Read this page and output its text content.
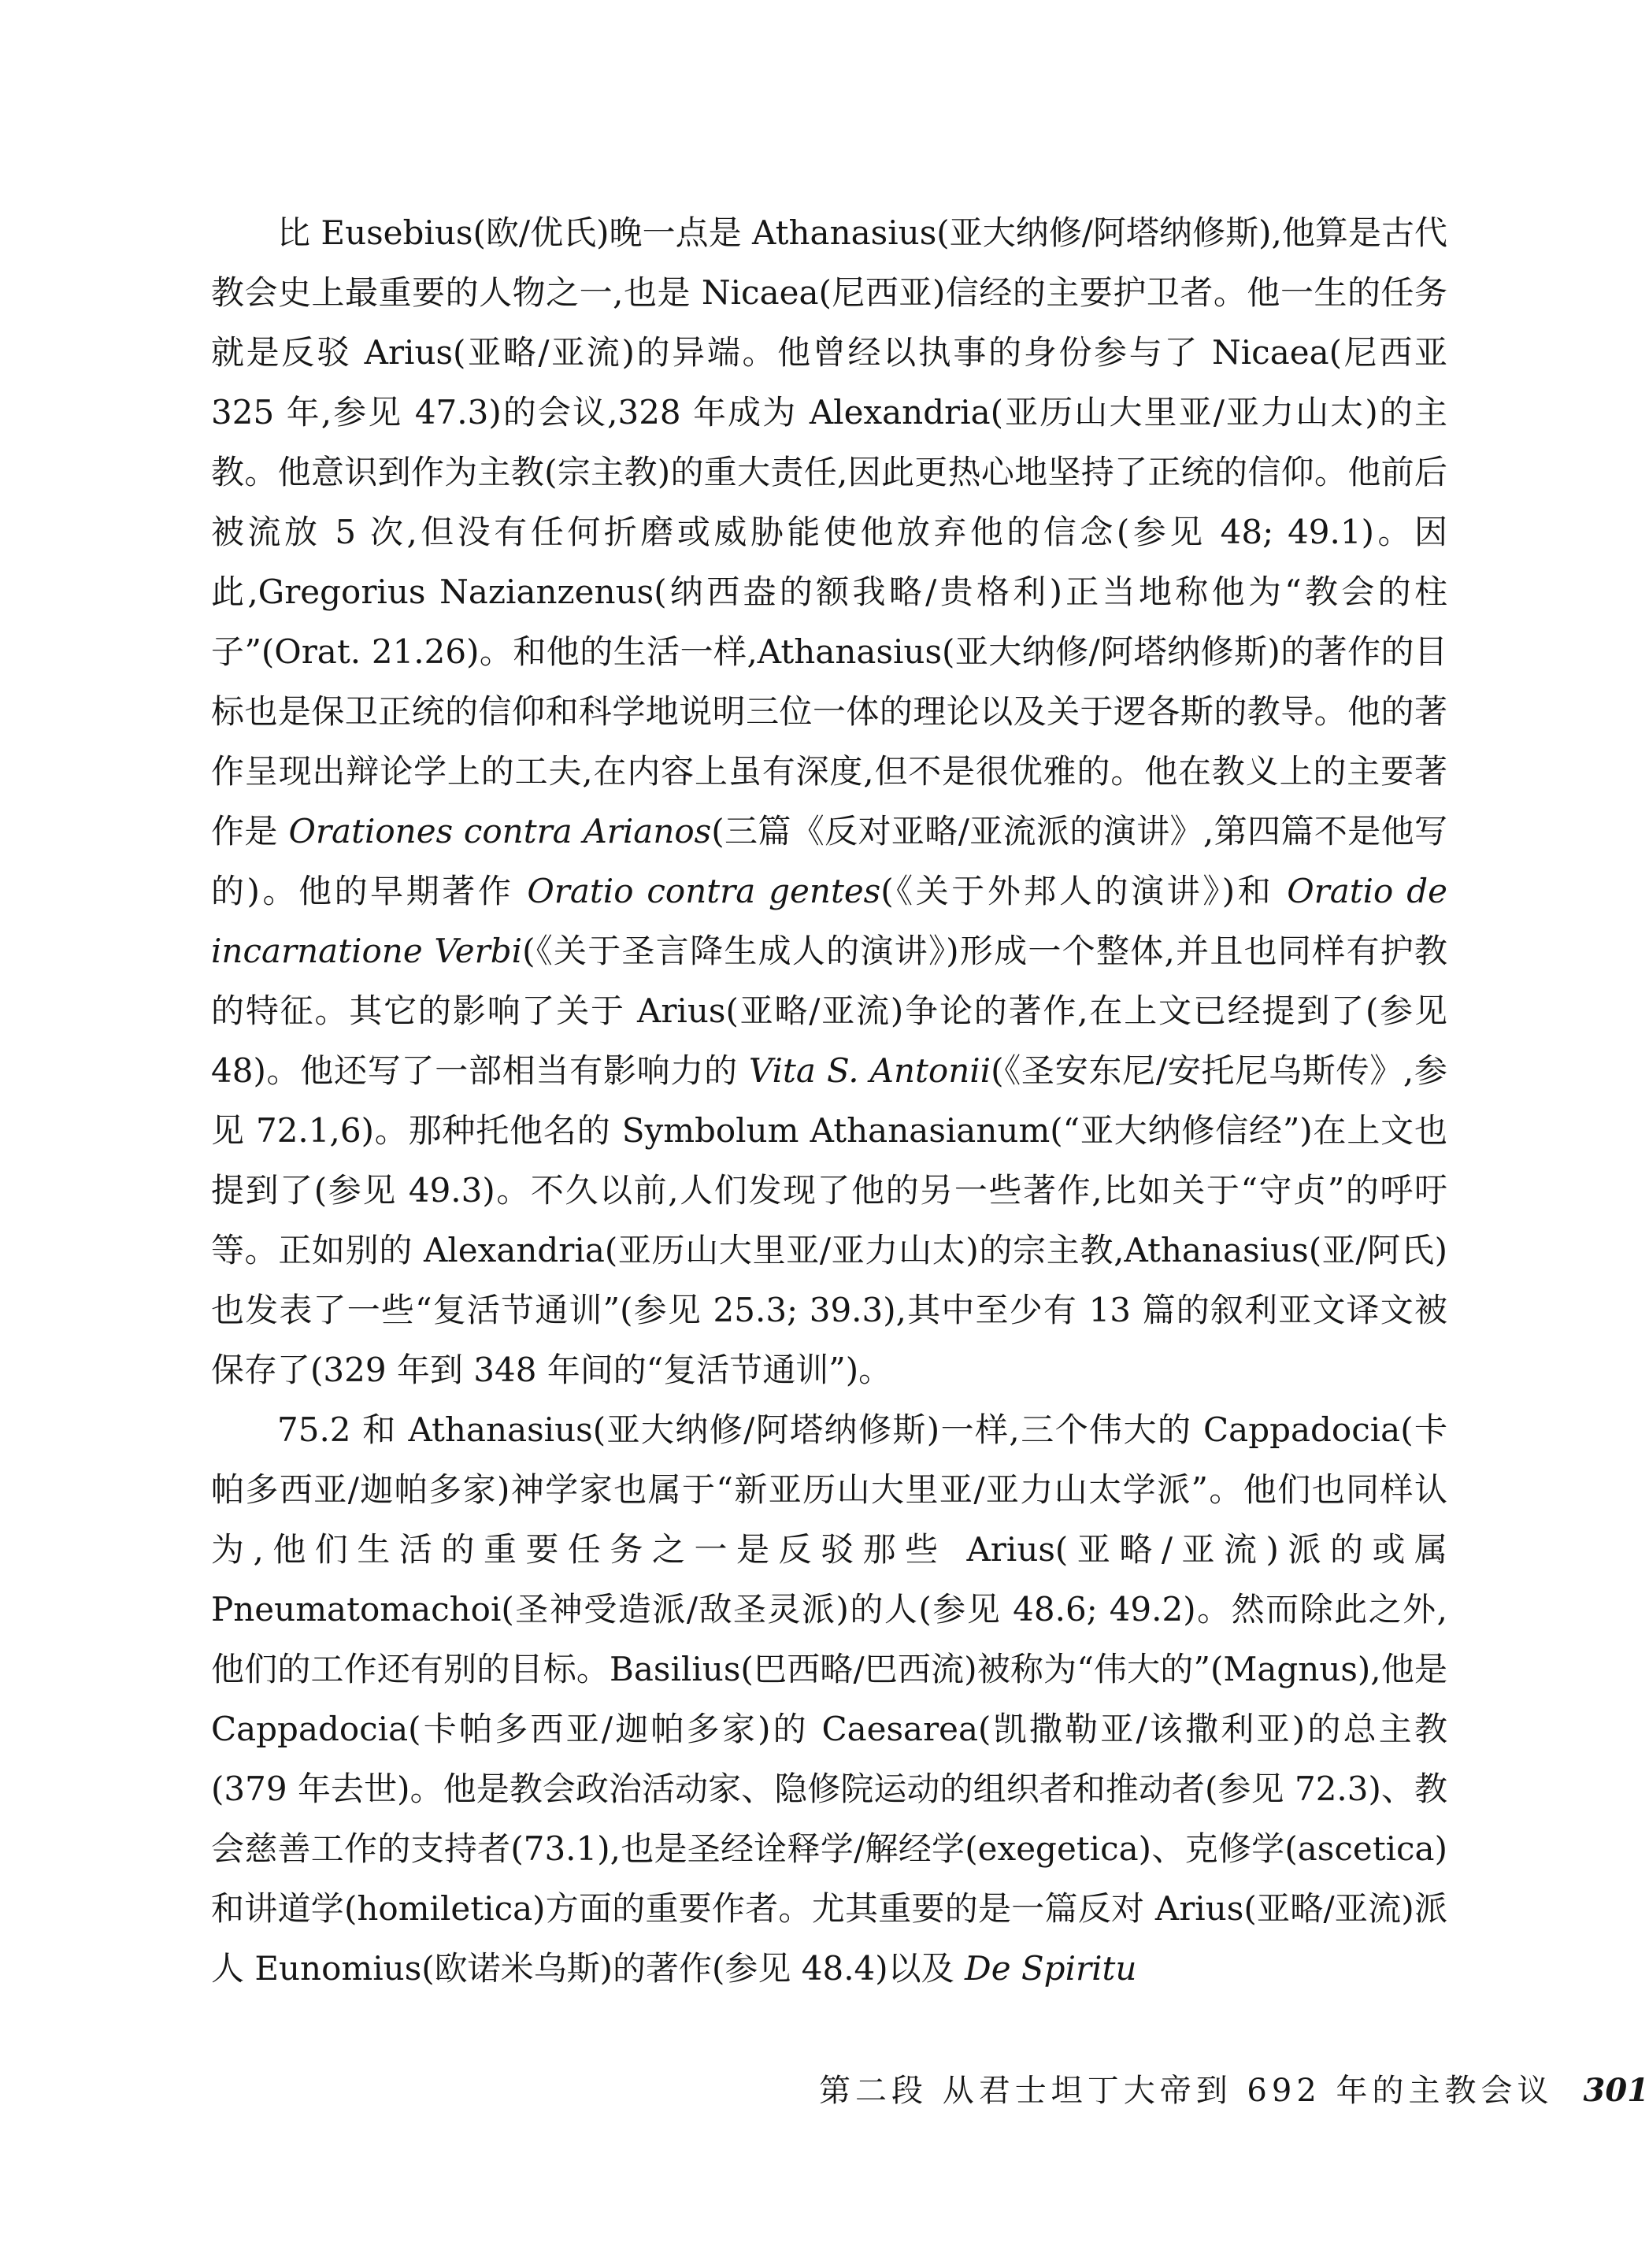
比 Eusebius(欧/优氏)晚一点是 Athanasius(亚大纳修/阿塔纳修斯),他算是古代教会史上最重要的人物之一,也是 Nicaea(尼西亚)信经的主要护卫者。他一生的任务就是反驳 Arius(亚略/亚流)的异端。他曾经以执事的身份参与了 Nicaea(尼西亚 325 年,参见 47.3)的会议,328 年成为 Alexandria(亚历山大里亚/亚力山太)的主教。他意识到作为主教(宗主教)的重大责任,因此更热心地坚持了正统的信仰。他前后被流放 5 次,但没有任何折磨或威胁能使他放弃他的信念(参见 48; 49.1)。因此,Gregorius Nazianzenus(纳西盎的额我略/贵格利)正当地称他为“教会的柱子”(Orat. 21.26)。和他的生活一样,Athanasius(亚大纳修/阿塔纳修斯)的著作的目标也是保卫正统的信仰和科学地说明三位一体的理论以及关于逻各斯的教导。他的著作呈现出辩论学上的工夫,在内容上虽有深度,但不是很优雅的。他在教义上的主要著作是 Orationes contra Arianos(三篇《反对亚略/亚流派的演讲》,第四篇不是他写的)。他的早期著作 Oratio contra gentes(《关于外邦人的演讲》)和 Oratio de incarnatione Verbi(《关于圣言降生成人的演讲》)形成一个整体,并且也同样有护教的特征。其它的影响了关于 Arius(亚略/亚流)争论的著作,在上文已经提到了(参见 48)。他还写了一部相当有影响力的 Vita S. Antonii(《圣安东尼/安托尼乌斯传》,参见 72.1,6)。那种托他名的 Symbolum Athanasianum(“亚大纳修信经”)在上文也提到了(参见 49.3)。不久以前,人们发现了他的另一些著作,比如关于“守贞”的呼吁等。正如别的 Alexandria(亚历山大里亚/亚力山太)的宗主教,Athanasius(亚/阿氏)也发表了一些“复活节通训”(参见 25.3; 39.3),其中至少有 13 篇的叙利亚文译文被保存了(329 年到 348 年间的“复活节通训”)。

75.2 和 Athanasius(亚大纳修/阿塔纳修斯)一样,三个伟大的 Cappadocia(卡帕多西亚/迦帕多家)神学家也属于“新亚历山大里亚/亚力山太学派”。他们也同样认为,他们生活的重要任务之一是反驳那些 Arius(亚略/亚流)派的或属 Pneumatomachoi(圣神受造派/敌圣灵派)的人(参见 48.6; 49.2)。然而除此之外,他们的工作还有别的目标。Basilius(巴西略/巴西流)被称为“伟大的”(Magnus),他是 Cappadocia(卡帕多西亚/迦帕多家)的 Caesarea(凯撒勒亚/该撒利亚)的总主教(379 年去世)。他是教会政治活动家、隐修院运动的组织者和推动者(参见 72.3)、教会慈善工作的支持者(73.1),也是圣经诠释学/解经学(exegetica)、克修学(ascetica)和讲道学(homiletica)方面的重要作者。尤其重要的是一篇反对 Arius(亚略/亚流)派人 Eunomius(欧诺米乌斯)的著作(参见 48.4)以及 De Spiritu

第二段 从君士坦丁大帝到 692 年的主教会议 301
